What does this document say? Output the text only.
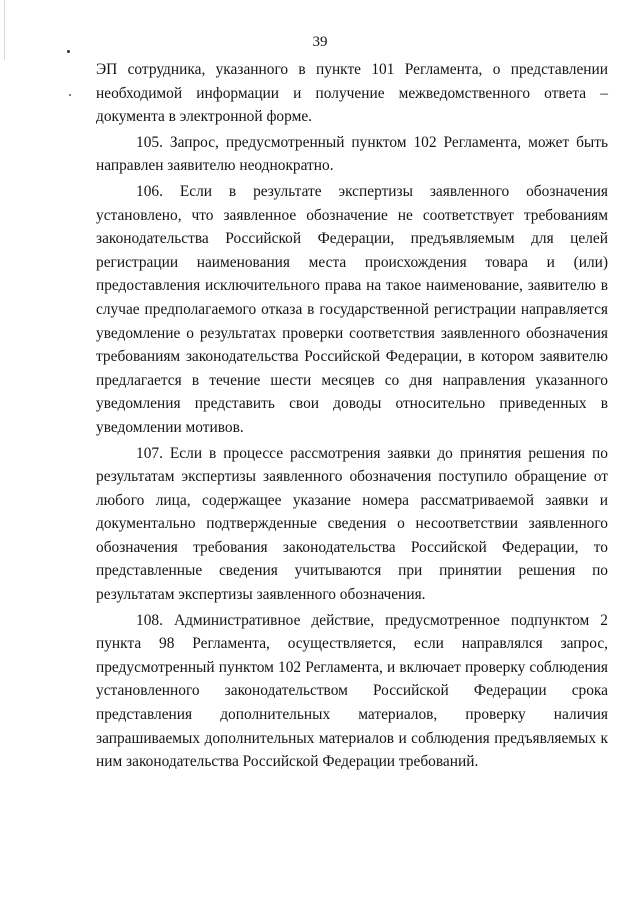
39

ЭП сотрудника, указанного в пункте 101 Регламента, о представлении необходимой информации и получение межведомственного ответа – документа в электронной форме.

105. Запрос, предусмотренный пунктом 102 Регламента, может быть направлен заявителю неоднократно.

106. Если в результате экспертизы заявленного обозначения установлено, что заявленное обозначение не соответствует требованиям законодательства Российской Федерации, предъявляемым для целей регистрации наименования места происхождения товара и (или) предоставления исключительного права на такое наименование, заявителю в случае предполагаемого отказа в государственной регистрации направляется уведомление о результатах проверки соответствия заявленного обозначения требованиям законодательства Российской Федерации, в котором заявителю предлагается в течение шести месяцев со дня направления указанного уведомления представить свои доводы относительно приведенных в уведомлении мотивов.

107. Если в процессе рассмотрения заявки до принятия решения по результатам экспертизы заявленного обозначения поступило обращение от любого лица, содержащее указание номера рассматриваемой заявки и документально подтвержденные сведения о несоответствии заявленного обозначения требования законодательства Российской Федерации, то представленные сведения учитываются при принятии решения по результатам экспертизы заявленного обозначения.

108. Административное действие, предусмотренное подпунктом 2 пункта 98 Регламента, осуществляется, если направлялся запрос, предусмотренный пунктом 102 Регламента, и включает проверку соблюдения установленного законодательством Российской Федерации срока представления дополнительных материалов, проверку наличия запрашиваемых дополнительных материалов и соблюдения предъявляемых к ним законодательства Российской Федерации требований.
